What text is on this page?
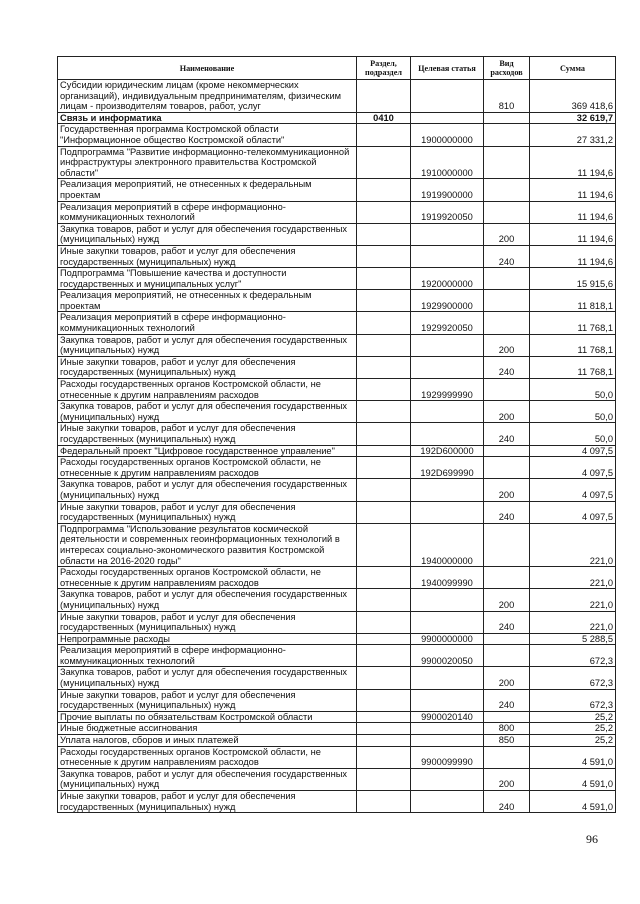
Наименование	Раздел, подраздел	Целевая статья	Вид расходов	Сумма
Субсидии юридическим лицам (кроме некоммерческих организаций), индивидуальным предпринимателям, физическим лицам - производителям товаров, работ, услуг			810	369 418,6
Связь и информатика	0410			32 619,7
Государственная программа Костромской области "Информационное общество Костромской области"		1900000000		27 331,2
Подпрограмма "Развитие информационно-телекоммуникационной инфраструктуры электронного правительства Костромской области"		1910000000		11 194,6
Реализация мероприятий, не отнесенных к федеральным проектам		1919900000		11 194,6
Реализация мероприятий в сфере информационно-коммуникационных технологий		1919920050		11 194,6
Закупка товаров, работ и услуг для обеспечения государственных (муниципальных) нужд			200	11 194,6
Иные закупки товаров, работ и услуг для обеспечения государственных (муниципальных) нужд			240	11 194,6
Подпрограмма "Повышение качества и доступности государственных и муниципальных услуг"		1920000000		15 915,6
Реализация мероприятий, не отнесенных к федеральным проектам		1929900000		11 818,1
Реализация мероприятий в сфере информационно-коммуникационных технологий		1929920050		11 768,1
Закупка товаров, работ и услуг для обеспечения государственных (муниципальных) нужд			200	11 768,1
Иные закупки товаров, работ и услуг для обеспечения государственных (муниципальных) нужд			240	11 768,1
Расходы государственных органов Костромской области, не отнесенные к другим направлениям расходов		1929999990		50,0
Закупка товаров, работ и услуг для обеспечения государственных (муниципальных) нужд			200	50,0
Иные закупки товаров, работ и услуг для обеспечения государственных (муниципальных) нужд			240	50,0
Федеральный проект "Цифровое государственное управление"		192D600000		4 097,5
Расходы государственных органов Костромской области, не отнесенные к другим направлениям расходов		192D699990		4 097,5
Закупка товаров, работ и услуг для обеспечения государственных (муниципальных) нужд			200	4 097,5
Иные закупки товаров, работ и услуг для обеспечения государственных (муниципальных) нужд			240	4 097,5
Подпрограмма "Использование результатов космической деятельности и современных геоинформационных технологий в интересах социально-экономического развития Костромской области на 2016-2020 годы"		1940000000		221,0
Расходы государственных органов Костромской области, не отнесенные к другим направлениям расходов		1940099990		221,0
Закупка товаров, работ и услуг для обеспечения государственных (муниципальных) нужд			200	221,0
Иные закупки товаров, работ и услуг для обеспечения государственных (муниципальных) нужд			240	221,0
Непрограммные расходы		9900000000		5 288,5
Реализация мероприятий в сфере информационно-коммуникационных технологий		9900020050		672,3
Закупка товаров, работ и услуг для обеспечения государственных (муниципальных) нужд			200	672,3
Иные закупки товаров, работ и услуг для обеспечения государственных (муниципальных) нужд			240	672,3
Прочие выплаты по обязательствам Костромской области		9900020140		25,2
Иные бюджетные ассигнования			800	25,2
Уплата налогов, сборов и иных платежей			850	25,2
Расходы государственных органов Костромской области, не отнесенные к другим направлениям расходов		9900099990		4 591,0
Закупка товаров, работ и услуг для обеспечения государственных (муниципальных) нужд			200	4 591,0
Иные закупки товаров, работ и услуг для обеспечения государственных (муниципальных) нужд			240	4 591,0
96
